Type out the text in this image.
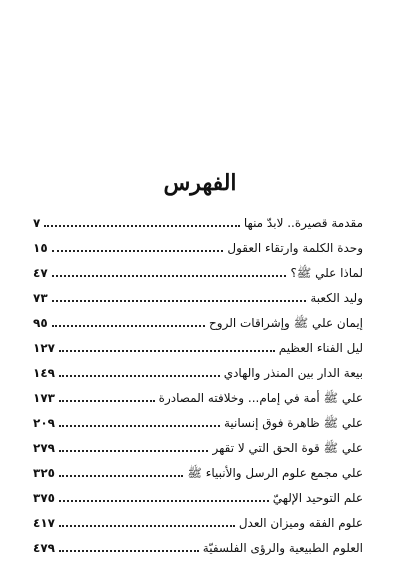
الفهرس
مقدمة قصيرة.. لابدّ منها
٧
وحدة الكلمة وارتقاء العقول
١٥
لماذا علي ﷺ؟
٤٧
وليد الكعبة
٧٣
إيمان علي ﷺ وإشراقات الروح
٩٥
ليل الفناء العظيم
١٢٧
بيعة الدار بين المنذر والهادي
١٤٩
علي ﷺ أمة في إمام... وخلافته المصادرة
١٧٣
علي ﷺ ظاهرة فوق إنسانية
٢٠٩
علي ﷺ قوة الحق التي لا تقهر
٢٧٩
علي مجمع علوم الرسل والأنبياء ﷺ
٣٢٥
علم التوحيد الإلهيّ
٣٧٥
علوم الفقه وميزان العدل
٤١٧
العلوم الطبيعية والرؤى الفلسفيّة
٤٧٩
